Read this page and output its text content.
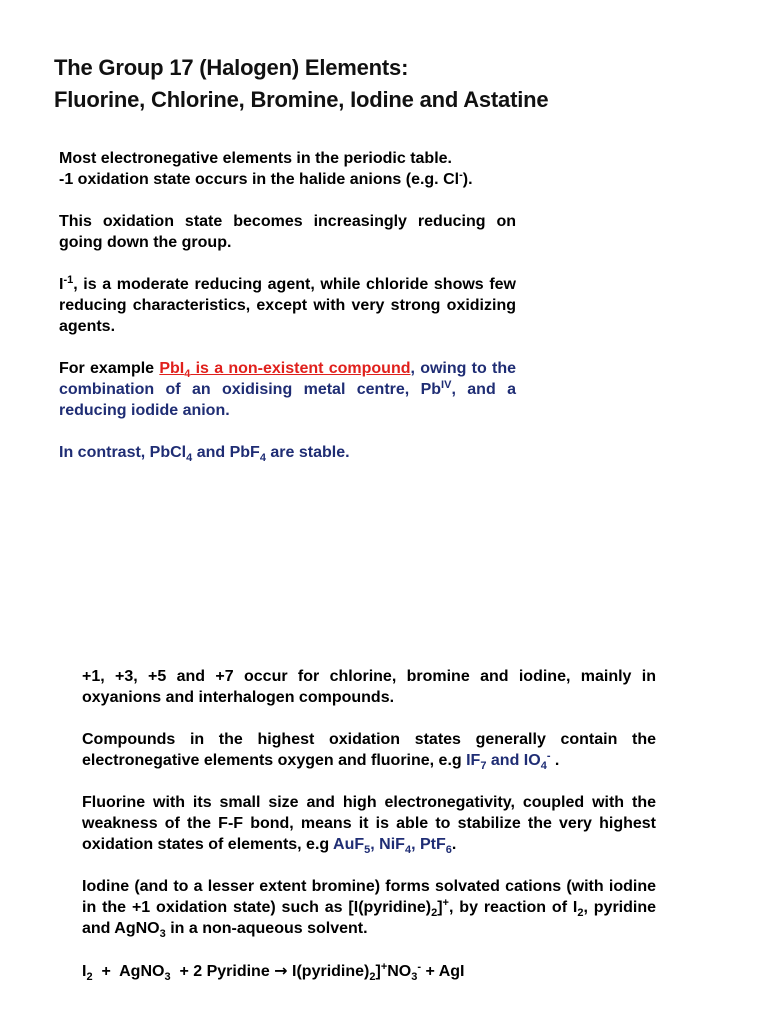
The Group 17 (Halogen) Elements:
Fluorine, Chlorine, Bromine, Iodine and Astatine
Most electronegative elements in the periodic table.
-1 oxidation state occurs in the halide anions (e.g. Cl-).
This oxidation state becomes increasingly reducing on going down the group.
$I^{-1}$, is a moderate reducing agent, while chloride shows few reducing characteristics, except with very strong oxidizing agents.
For example PbI$_4$ is a non-existent compound, owing to the combination of an oxidising metal centre, $Pb^{IV}$, and a reducing iodide anion.
In contrast, PbCl$_4$ and PbF$_4$ are stable.
+1, +3, +5 and +7 occur for chlorine, bromine and iodine, mainly in oxyanions and interhalogen compounds.
Compounds in the highest oxidation states generally contain the electronegative elements oxygen and fluorine, e.g $IF_7$ and $IO_4^-$ .
Fluorine with its small size and high electronegativity, coupled with the weakness of the F-F bond, means it is able to stabilize the very highest oxidation states of elements, e.g AuF$_5$, NiF$_4$, PtF$_6$.
Iodine (and to a lesser extent bromine) forms solvated cations (with iodine in the +1 oxidation state) such as $[I(pyridine)_2]^+$, by reaction of $I_2$, pyridine and AgNO$_3$ in a non-aqueous solvent.
$I_2$  +  AgNO$_3$  + 2 Pyridine → $I(pyridine)_2]^+NO_3^-$ + AgI
